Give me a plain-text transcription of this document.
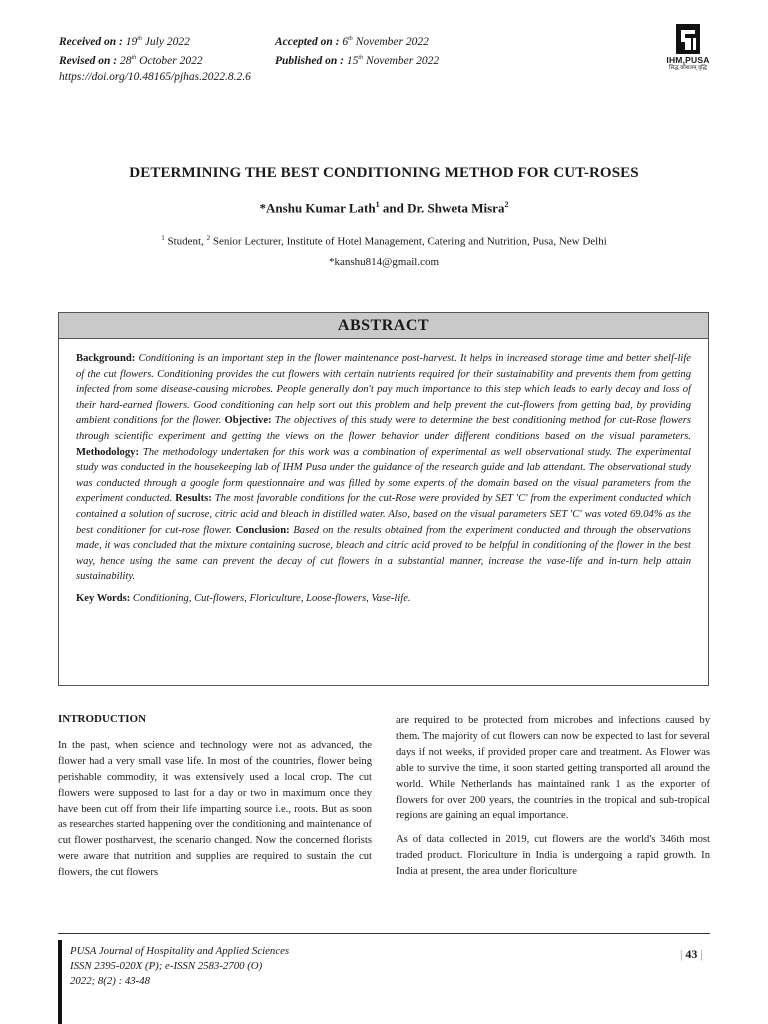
Received on : 19th July 2022
Revised on : 28th October 2022
https://doi.org/10.48165/pjhas.2022.8.2.6
Accepted on : 6th November 2022
Published on : 15th November 2022	IHM,PUSA
सिद्ध कौशलम् वृद्धि
DETERMINING THE BEST CONDITIONING METHOD FOR CUT-ROSES
*Anshu Kumar Lath$^1$ and Dr. Shweta Misra$^2$
$^1$ Student, $^2$ Senior Lecturer, Institute of Hotel Management, Catering and Nutrition, Pusa, New Delhi
*kanshu814@gmail.com
ABSTRACT
Background: Conditioning is an important step in the flower maintenance post-harvest. It helps in increased storage time and better shelf-life of the cut flowers. Conditioning provides the cut flowers with certain nutrients required for their sustainability and prevents them from getting infected from some disease-causing microbes. People generally don't pay much importance to this step which leads to early decay and loss of their hard-earned flowers. Good conditioning can help sort out this problem and help prevent the cut-flowers from getting bad, by providing ambient conditions for the flower. Objective: The objectives of this study were to determine the best conditioning method for cut-Rose flowers through scientific experiment and getting the views on the flower behavior under different conditions based on the visual parameters. Methodology: The methodology undertaken for this work was a combination of experimental as well observational study. The experimental study was conducted in the housekeeping lab of IHM Pusa under the guidance of the research guide and lab attendant. The observational study was conducted through a google form questionnaire and was filled by some experts of the domain based on the visual parameters from the experiment conducted. Results: The most favorable conditions for the cut-Rose were provided by SET 'C' from the experiment conducted which contained a solution of sucrose, citric acid and bleach in distilled water. Also, based on the visual parameters SET 'C' was voted 69.04% as the best conditioner for cut-rose flower. Conclusion: Based on the results obtained from the experiment conducted and through the observations made, it was concluded that the mixture containing sucrose, bleach and citric acid proved to be helpful in conditioning of the flower in the best way, hence using the same can prevent the decay of cut flowers in a substantial manner, increase the vase-life and in-turn help attain sustainability.
Key Words: Conditioning, Cut-flowers, Floriculture, Loose-flowers, Vase-life.
INTRODUCTION

In the past, when science and technology were not as advanced, the flower had a very small vase life. In most of the countries, flower being perishable commodity, it was extensively used a local crop. The cut flowers were supposed to last for a day or two in maximum once they have been cut off from their life imparting source i.e., roots. But as soon as researches started happening over the conditioning and maintenance of cut flower postharvest, the scenario changed. Now the concerned florists were aware that nutrition and supplies are required to sustain the cut flowers, the cut flowers

are required to be protected from microbes and infections caused by them. The majority of cut flowers can now be expected to last for several days if not weeks, if provided proper care and treatment. As Flower was able to survive the time, it soon started getting transported all around the world. While Netherlands has maintained rank 1 as the exporter of flowers for over 200 years, the countries in the tropical and sub-tropical regions are gaining an equal importance.

As of data collected in 2019, cut flowers are the world's 346th most traded product. Floriculture in India is undergoing a rapid growth. In India at present, the area under floriculture

PUSA Journal of Hospitality and Applied Sciences
ISSN 2395-020X (P); e-ISSN 2583-2700 (O)
2022; 8(2) : 43-48
| 43 |
